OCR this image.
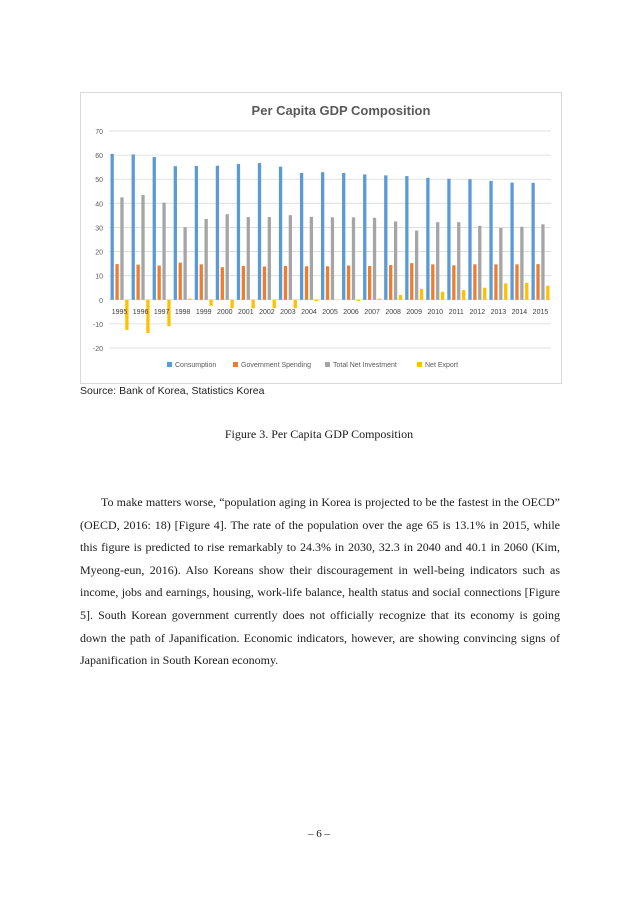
Per Capita GDP Composition
70
60
50
40
30
20
10
0
-10
-20
1995 1996 1997 1998 1999 2000 2001 2002 2003 2004 2005 2006 2007 2008 2009 2010 2011 2012 2013 2014 2015
Consumption	Government Spending	Total Net Investment	Net Export
Source: Bank of Korea, Statistics Korea
Figure 3. Per Capita GDP Composition

To make matters worse, “population aging in Korea is projected to be the fastest in the OECD” (OECD, 2016: 18) [Figure 4]. The rate of the population over the age 65 is 13.1% in 2015, while this figure is predicted to rise remarkably to 24.3% in 2030, 32.3 in 2040 and 40.1 in 2060 (Kim, Myeong-eun, 2016). Also Koreans show their discouragement in well-being indicators such as income, jobs and earnings, housing, work-life balance, health status and social connections [Figure 5]. South Korean government currently does not officially recognize that its economy is going down the path of Japanification. Economic indicators, however, are showing convincing signs of Japanification in South Korean economy.

– 6 –
